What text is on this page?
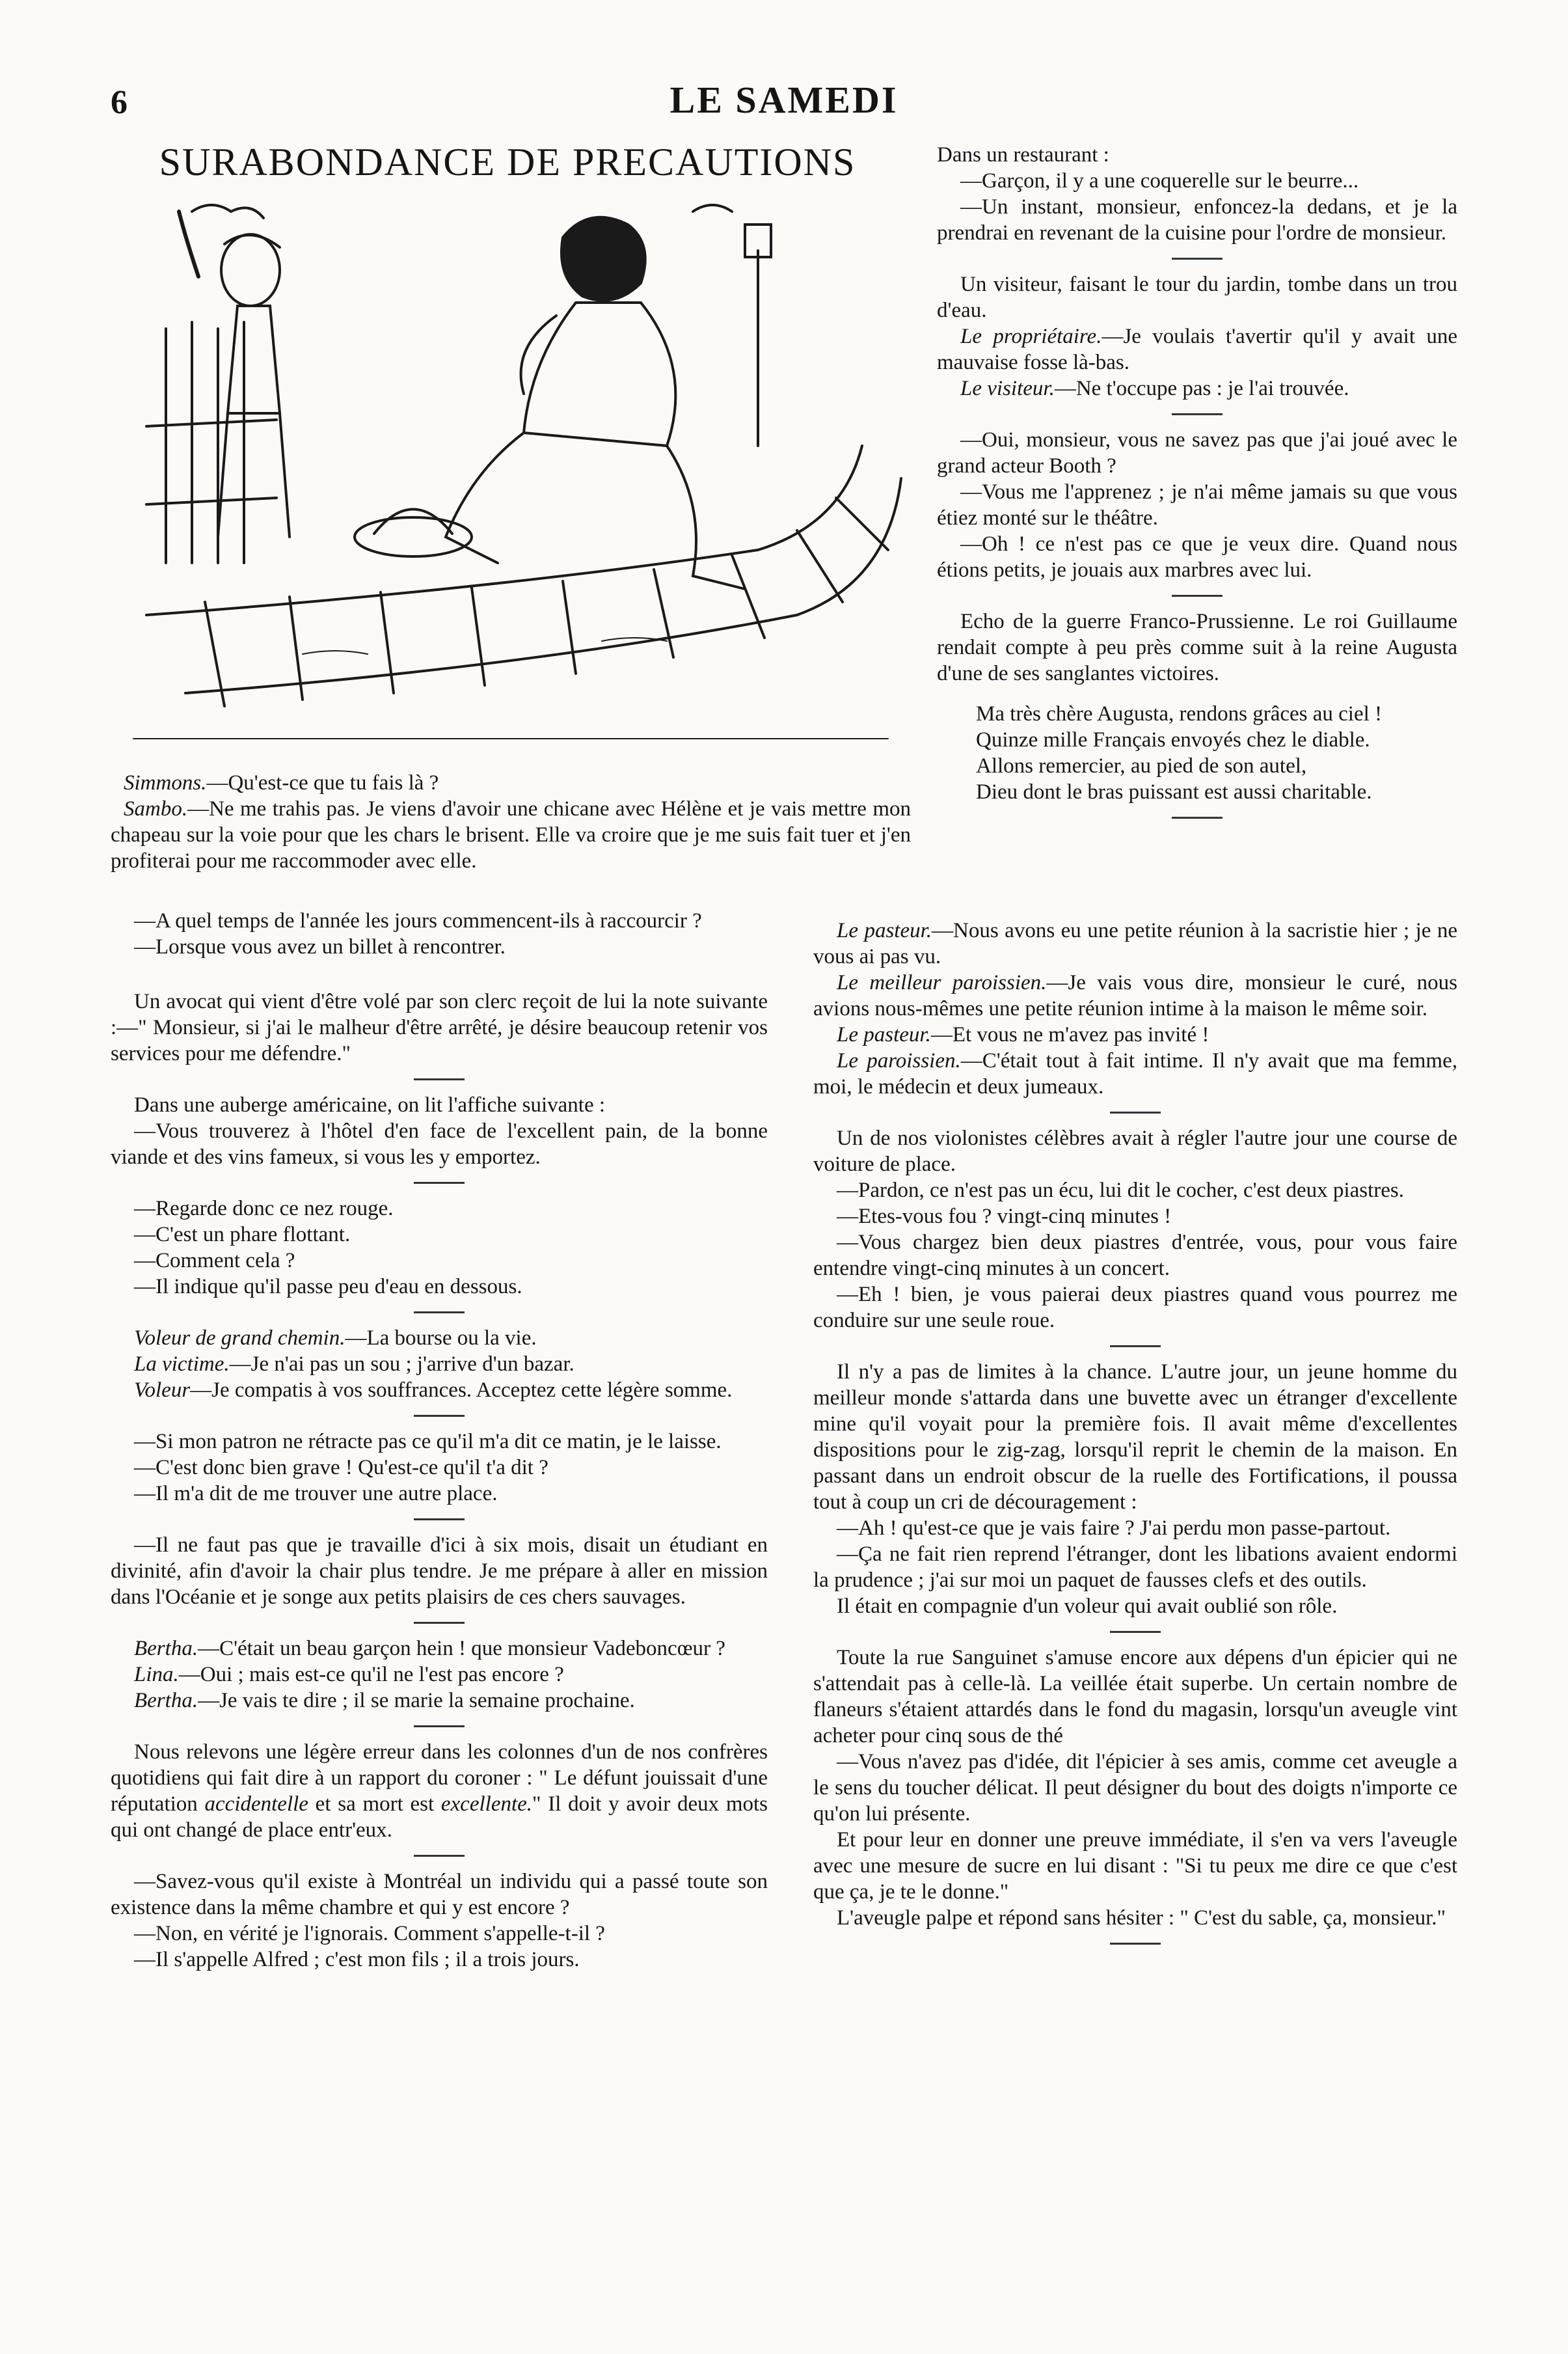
6	LE SAMEDI
SURABONDANCE DE PRECAUTIONS

Simmons.—Qu'est-ce que tu fais là ?

Sambo.—Ne me trahis pas. Je viens d'avoir une chicane avec Hélène et je vais mettre mon chapeau sur la voie pour que les chars le brisent. Elle va croire que je me suis fait tuer et j'en profiterai pour me raccommoder avec elle.

—A quel temps de l'année les jours commencent-ils à raccourcir ?

—Lorsque vous avez un billet à rencontrer.

Un avocat qui vient d'être volé par son clerc reçoit de lui la note suivante :—" Monsieur, si j'ai le malheur d'être arrêté, je désire beaucoup retenir vos services pour me défendre."

Dans une auberge américaine, on lit l'affiche suivante :

—Vous trouverez à l'hôtel d'en face de l'excellent pain, de la bonne viande et des vins fameux, si vous les y emportez.

—Regarde donc ce nez rouge.

—C'est un phare flottant.

—Comment cela ?

—Il indique qu'il passe peu d'eau en dessous.

Voleur de grand chemin.—La bourse ou la vie.

La victime.—Je n'ai pas un sou ; j'arrive d'un bazar.

Voleur—Je compatis à vos souffrances. Acceptez cette légère somme.

—Si mon patron ne rétracte pas ce qu'il m'a dit ce matin, je le laisse.

—C'est donc bien grave ! Qu'est-ce qu'il t'a dit ?

—Il m'a dit de me trouver une autre place.

—Il ne faut pas que je travaille d'ici à six mois, disait un étudiant en divinité, afin d'avoir la chair plus tendre. Je me prépare à aller en mission dans l'Océanie et je songe aux petits plaisirs de ces chers sauvages.

Bertha.—C'était un beau garçon hein ! que monsieur Vadeboncœur ?

Lina.—Oui ; mais est-ce qu'il ne l'est pas encore ?

Bertha.—Je vais te dire ; il se marie la semaine prochaine.

Nous relevons une légère erreur dans les colonnes d'un de nos confrères quotidiens qui fait dire à un rapport du coroner : " Le défunt jouissait d'une réputation accidentelle et sa mort est excellente." Il doit y avoir deux mots qui ont changé de place entr'eux.

—Savez-vous qu'il existe à Montréal un individu qui a passé toute son existence dans la même chambre et qui y est encore ?

—Non, en vérité je l'ignorais. Comment s'appelle-t-il ?

—Il s'appelle Alfred ; c'est mon fils ; il a trois jours.

Dans un restaurant :

—Garçon, il y a une coquerelle sur le beurre...

—Un instant, monsieur, enfoncez-la dedans, et je la prendrai en revenant de la cuisine pour l'ordre de monsieur.

Un visiteur, faisant le tour du jardin, tombe dans un trou d'eau.

Le propriétaire.—Je voulais t'avertir qu'il y avait une mauvaise fosse là-bas.

Le visiteur.—Ne t'occupe pas : je l'ai trouvée.

—Oui, monsieur, vous ne savez pas que j'ai joué avec le grand acteur Booth ?

—Vous me l'apprenez ; je n'ai même jamais su que vous étiez monté sur le théâtre.

—Oh ! ce n'est pas ce que je veux dire. Quand nous étions petits, je jouais aux marbres avec lui.

Echo de la guerre Franco-Prussienne. Le roi Guillaume rendait compte à peu près comme suit à la reine Augusta d'une de ses sanglantes victoires.

Ma très chère Augusta, rendons grâces au ciel !

Quinze mille Français envoyés chez le diable.

Allons remercier, au pied de son autel,

Dieu dont le bras puissant est aussi charitable.

Le pasteur.—Nous avons eu une petite réunion à la sacristie hier ; je ne vous ai pas vu.

Le meilleur paroissien.—Je vais vous dire, monsieur le curé, nous avions nous-mêmes une petite réunion intime à la maison le même soir.

Le pasteur.—Et vous ne m'avez pas invité !

Le paroissien.—C'était tout à fait intime. Il n'y avait que ma femme, moi, le médecin et deux jumeaux.

Un de nos violonistes célèbres avait à régler l'autre jour une course de voiture de place.

—Pardon, ce n'est pas un écu, lui dit le cocher, c'est deux piastres.

—Etes-vous fou ? vingt-cinq minutes !

—Vous chargez bien deux piastres d'entrée, vous, pour vous faire entendre vingt-cinq minutes à un concert.

—Eh ! bien, je vous paierai deux piastres quand vous pourrez me conduire sur une seule roue.

Il n'y a pas de limites à la chance. L'autre jour, un jeune homme du meilleur monde s'attarda dans une buvette avec un étranger d'excellente mine qu'il voyait pour la première fois. Il avait même d'excellentes dispositions pour le zig-zag, lorsqu'il reprit le chemin de la maison. En passant dans un endroit obscur de la ruelle des Fortifications, il poussa tout à coup un cri de découragement :

—Ah ! qu'est-ce que je vais faire ? J'ai perdu mon passe-partout.

—Ça ne fait rien reprend l'étranger, dont les libations avaient endormi la prudence ; j'ai sur moi un paquet de fausses clefs et des outils.

Il était en compagnie d'un voleur qui avait oublié son rôle.

Toute la rue Sanguinet s'amuse encore aux dépens d'un épicier qui ne s'attendait pas à celle-là. La veillée était superbe. Un certain nombre de flaneurs s'étaient attardés dans le fond du magasin, lorsqu'un aveugle vint acheter pour cinq sous de thé

—Vous n'avez pas d'idée, dit l'épicier à ses amis, comme cet aveugle a le sens du toucher délicat. Il peut désigner du bout des doigts n'importe ce qu'on lui présente.

Et pour leur en donner une preuve immédiate, il s'en va vers l'aveugle avec une mesure de sucre en lui disant : "Si tu peux me dire ce que c'est que ça, je te le donne."

L'aveugle palpe et répond sans hésiter : " C'est du sable, ça, monsieur."
